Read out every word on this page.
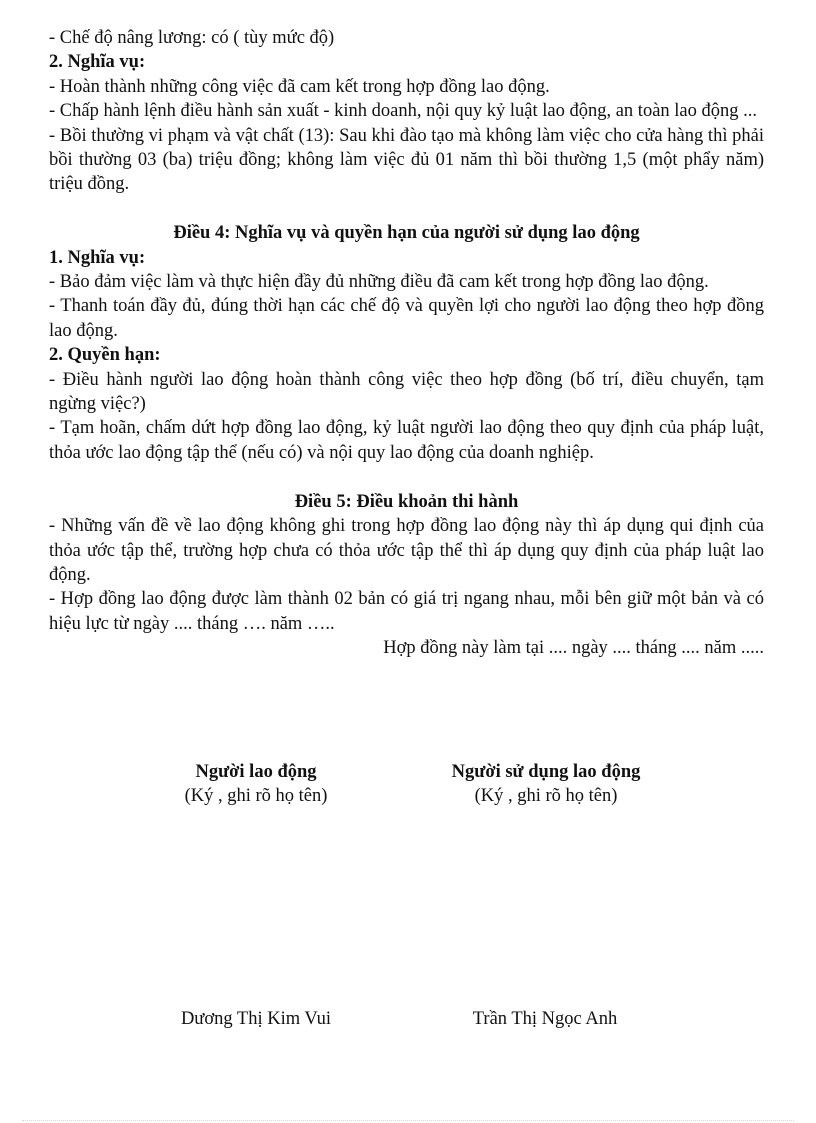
- Chế độ nâng lương: có ( tùy mức độ)

2. Nghĩa vụ:

- Hoàn thành những công việc đã cam kết trong hợp đồng lao động.

- Chấp hành lệnh điều hành sản xuất - kinh doanh, nội quy kỷ luật lao động, an toàn lao động ...

- Bồi thường vi phạm và vật chất (13): Sau khi đào tạo mà không làm việc cho cửa hàng thì phải bồi thường 03 (ba) triệu đồng; không làm việc đủ 01 năm thì bồi thường 1,5 (một phẩy năm) triệu đồng.

Điều 4: Nghĩa vụ và quyền hạn của người sử dụng lao động

1. Nghĩa vụ:

- Bảo đảm việc làm và thực hiện đầy đủ những điều đã cam kết trong hợp đồng lao động.

- Thanh toán đầy đủ, đúng thời hạn các chế độ và quyền lợi cho người lao động theo hợp đồng lao động.

2. Quyền hạn:

- Điều hành người lao động hoàn thành công việc theo hợp đồng (bố trí, điều chuyển, tạm ngừng việc?)

- Tạm hoãn, chấm dứt hợp đồng lao động, kỷ luật người lao động theo quy định của pháp luật, thỏa ước lao động tập thể (nếu có) và nội quy lao động của doanh nghiệp.

Điều 5: Điều khoản thi hành

- Những vấn đề về lao động không ghi trong hợp đồng lao động này thì áp dụng qui định của thỏa ước tập thể, trường hợp chưa có thỏa ước tập thể thì áp dụng quy định của pháp luật lao động.

- Hợp đồng lao động được làm thành 02 bản có giá trị ngang nhau, mỗi bên giữ một bản và có hiệu lực từ ngày .... tháng …. năm …..

Hợp đồng này làm tại .... ngày .... tháng .... năm .....

Người lao động
(Ký , ghi rõ họ tên)
Người sử dụng lao động
(Ký , ghi rõ họ tên)
Dương Thị Kim Vui	Trần Thị Ngọc Anh
